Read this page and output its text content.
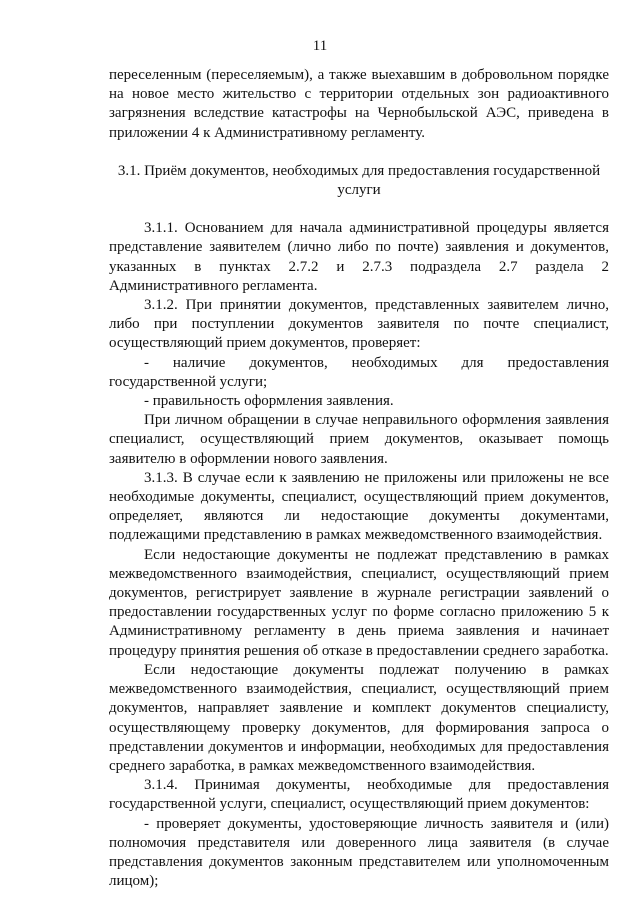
11

переселенным (переселяемым), а также выехавшим в добровольном порядке на новое место жительство с территории отдельных зон радиоактивного загрязнения вследствие катастрофы на Чернобыльской АЭС, приведена в приложении 4 к Административному регламенту.

3.1. Приём документов, необходимых для предоставления государственной услуги

3.1.1. Основанием для начала административной процедуры является представление заявителем (лично либо по почте) заявления и документов, указанных в пунктах 2.7.2 и 2.7.3 подраздела 2.7 раздела 2 Административного регламента.

3.1.2. При принятии документов, представленных заявителем лично, либо при поступлении документов заявителя по почте специалист, осуществляющий прием документов, проверяет:

- наличие документов, необходимых для предоставления государственной услуги;

- правильность оформления заявления.

При личном обращении в случае неправильного оформления заявления специалист, осуществляющий прием документов, оказывает помощь заявителю в оформлении нового заявления.

3.1.3. В случае если к заявлению не приложены или приложены не все необходимые документы, специалист, осуществляющий прием документов, определяет, являются ли недостающие документы документами, подлежащими представлению в рамках межведомственного взаимодействия.

Если недостающие документы не подлежат представлению в рамках межведомственного взаимодействия, специалист, осуществляющий прием документов, регистрирует заявление в журнале регистрации заявлений о предоставлении государственных услуг по форме согласно приложению 5 к Административному регламенту в день приема заявления и начинает процедуру принятия решения об отказе в предоставлении среднего заработка.

Если недостающие документы подлежат получению в рамках межведомственного взаимодействия, специалист, осуществляющий прием документов, направляет заявление и комплект документов специалисту, осуществляющему проверку документов, для формирования запроса о представлении документов и информации, необходимых для предоставления среднего заработка, в рамках межведомственного взаимодействия.

3.1.4. Принимая документы, необходимые для предоставления государственной услуги, специалист, осуществляющий прием документов:

- проверяет документы, удостоверяющие личность заявителя и (или) полномочия представителя или доверенного лица заявителя (в случае представления документов законным представителем или уполномоченным лицом);
